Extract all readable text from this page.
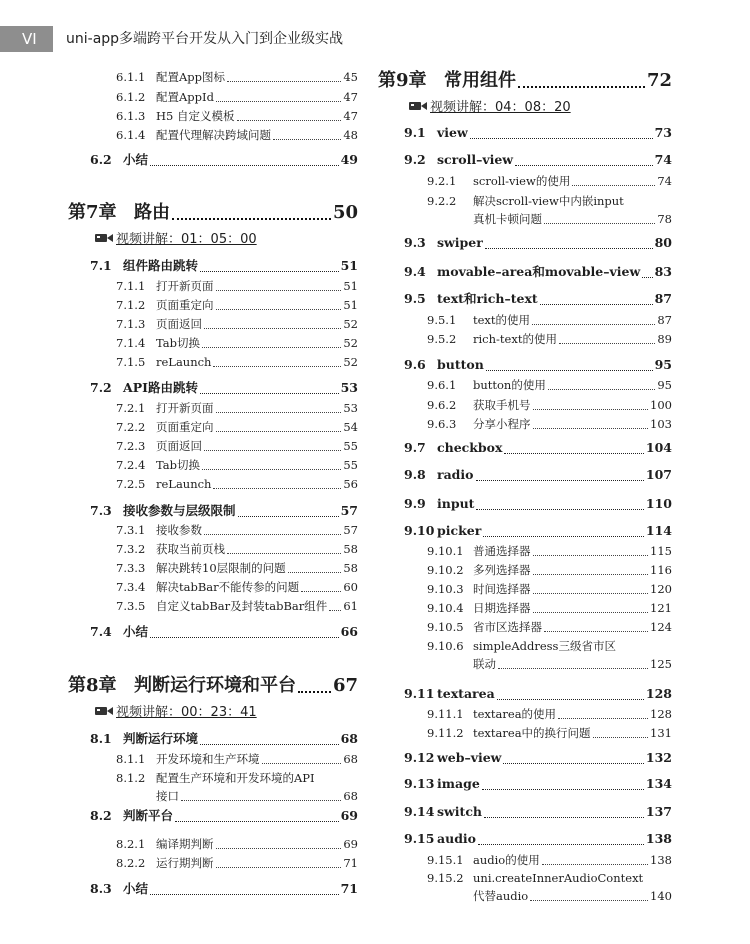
VI	uni-app多端跨平台开发从入门到企业级实战
6.1.1 配置App图标	45
6.1.2 配置AppId	47
6.1.3 H5 自定义模板	47
6.1.4 配置代理解决跨域问题	48
6.2 小结	49
第7章 路由	50
视频讲解：01：05：00
7.1 组件路由跳转	51
7.1.1 打开新页面	51
7.1.2 页面重定向	51
7.1.3 页面返回	52
7.1.4 Tab切换	52
7.1.5 reLaunch	52
7.2 API路由跳转	53
7.2.1 打开新页面	53
7.2.2 页面重定向	54
7.2.3 页面返回	55
7.2.4 Tab切换	55
7.2.5 reLaunch	56
7.3 接收参数与层级限制	57
7.3.1 接收参数	57
7.3.2 获取当前页栈	58
7.3.3 解决跳转10层限制的问题	58
7.3.4 解决tabBar不能传参的问题	60
7.3.5 自定义tabBar及封装tabBar组件 61
7.4 小结	66
第8章 判断运行环境和平台 67
视频讲解：00：23：41
8.1 判断运行环境	68
8.1.1 开发环境和生产环境	68
8.1.2 配置生产环境和开发环境的API
接口	68
8.2 判断平台	69
8.2.1 编译期判断	69
8.2.2 运行期判断	71
8.3 小结	71
第9章 常用组件	72
视频讲解：04：08：20
9.1 view	73
9.2 scroll–view	74
9.2.1	scroll-view的使用	74
9.2.2	解决scroll-view中内嵌input
真机卡顿问题	78
9.3 swiper	80
9.4 movable–area和movable–view 83
9.5 text和rich–text	87
9.5.1	text的使用	87
9.5.2	rich-text的使用	89
9.6 button	95
9.6.1	button的使用	95
9.6.2	获取手机号	100
9.6.3	分享小程序	103
9.7 checkbox	104
9.8 radio	107
9.9 input	110
9.10 picker	114
9.10.1 普通选择器	115
9.10.2 多列选择器	116
9.10.3 时间选择器	120
9.10.4 日期选择器	121
9.10.5 省市区选择器	124
9.10.6 simpleAddress三级省市区
联动	125
9.11 textarea	128
9.11.1 textarea的使用	128
9.11.2 textarea中的换行问题	131
9.12 web–view	132
9.13 image	134
9.14 switch	137
9.15 audio	138
9.15.1 audio的使用	138
9.15.2 uni.createInnerAudioContext
代替audio	140
